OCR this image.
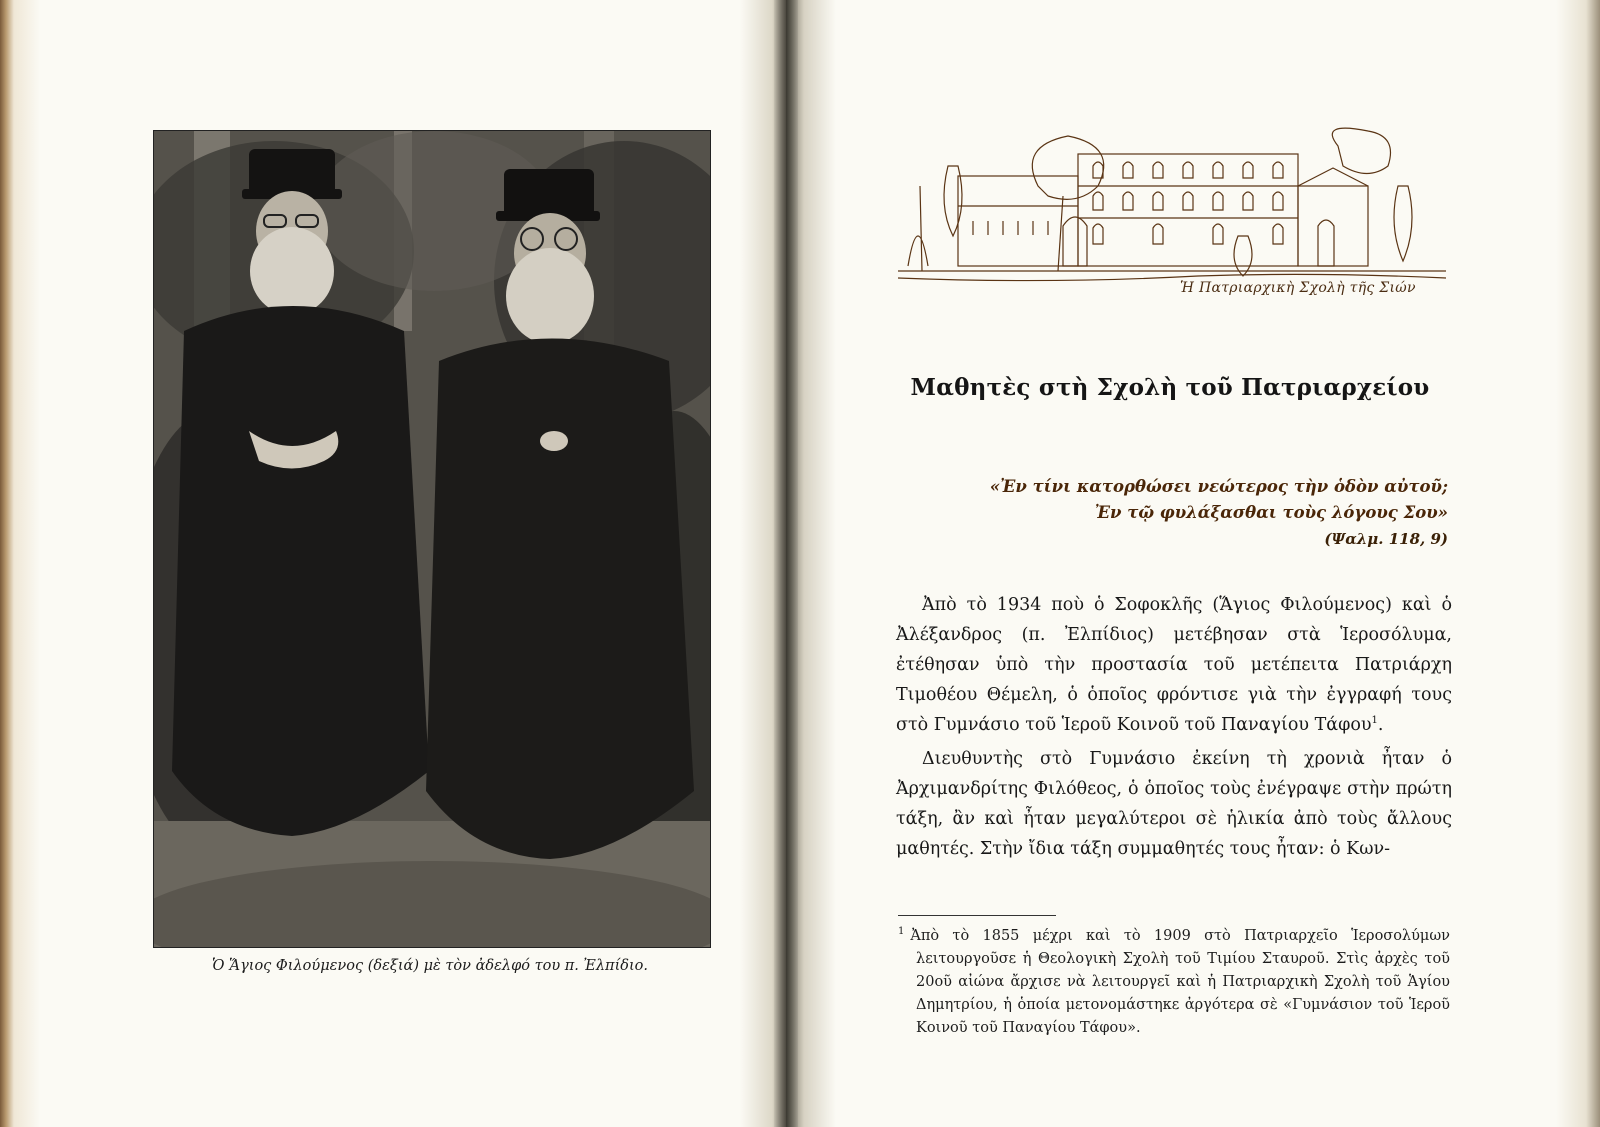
Ὁ Ἅγιος Φιλούμενος (δεξιά) μὲ τὸν ἀδελφό του π. Ἐλπίδιο.
Ἡ Πατριαρχικὴ Σχολὴ τῆς Σιών
Μαθητὲς στὴ Σχολὴ τοῦ Πατριαρχείου
«Ἐν τίνι κατορθώσει νεώτερος τὴν ὁδὸν αὐτοῦ;
Ἐν τῷ φυλάξασθαι τοὺς λόγους Σου»
(Ψαλμ. 118, 9)

Ἀπὸ τὸ 1934 ποὺ ὁ Σοφοκλῆς (Ἅγιος Φιλούμενος) καὶ ὁ Ἀλέξανδρος (π. Ἐλπίδιος) μετέβησαν στὰ Ἱεροσόλυμα, ἐτέθησαν ὑπὸ τὴν προστασία τοῦ μετέπειτα Πατριάρχη Τιμοθέου Θέμελη, ὁ ὁποῖος φρόντισε γιὰ τὴν ἐγγραφή τους στὸ Γυμνάσιο τοῦ Ἱεροῦ Κοινοῦ τοῦ Παναγίου Τάφου$^1$.

Διευθυντὴς στὸ Γυμνάσιο ἐκείνη τὴ χρονιὰ ἦταν ὁ Ἀρχιμανδρίτης Φιλόθεος, ὁ ὁποῖος τοὺς ἐνέγραψε στὴν πρώτη τάξη, ἂν καὶ ἦταν μεγαλύτεροι σὲ ἡλικία ἀπὸ τοὺς ἄλλους μαθητές. Στὴν ἴδια τάξη συμμαθητές τους ἦταν: ὁ Κων-

$^1$ Ἀπὸ τὸ 1855 μέχρι καὶ τὸ 1909 στὸ Πατριαρχεῖο Ἱεροσολύμων λειτουργοῦσε ἡ Θεολογικὴ Σχολὴ τοῦ Τιμίου Σταυροῦ. Στὶς ἀρχὲς τοῦ 20οῦ αἰώνα ἄρχισε νὰ λειτουργεῖ καὶ ἡ Πατριαρχικὴ Σχολὴ τοῦ Ἁγίου Δημητρίου, ἡ ὁποία μετονομάστηκε ἀργότερα σὲ «Γυμνάσιον τοῦ Ἱεροῦ Κοινοῦ τοῦ Παναγίου Τάφου».
